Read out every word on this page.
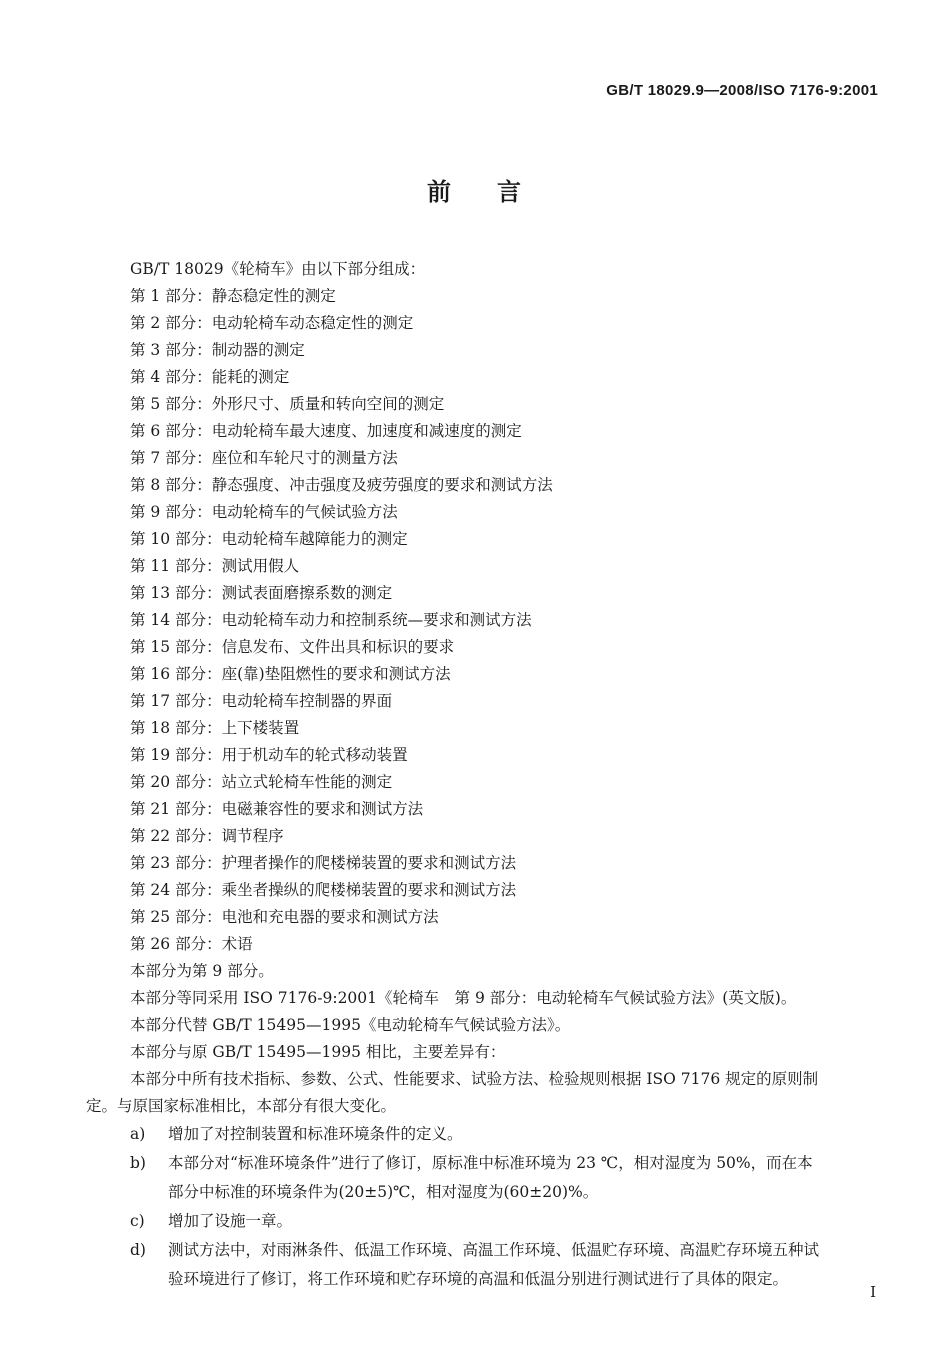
GB/T 18029.9—2008/ISO 7176-9:2001
前 言
GB/T 18029《轮椅车》由以下部分组成：
第 1 部分：静态稳定性的测定
第 2 部分：电动轮椅车动态稳定性的测定
第 3 部分：制动器的测定
第 4 部分：能耗的测定
第 5 部分：外形尺寸、质量和转向空间的测定
第 6 部分：电动轮椅车最大速度、加速度和减速度的测定
第 7 部分：座位和车轮尺寸的测量方法
第 8 部分：静态强度、冲击强度及疲劳强度的要求和测试方法
第 9 部分：电动轮椅车的气候试验方法
第 10 部分：电动轮椅车越障能力的测定
第 11 部分：测试用假人
第 13 部分：测试表面磨擦系数的测定
第 14 部分：电动轮椅车动力和控制系统—要求和测试方法
第 15 部分：信息发布、文件出具和标识的要求
第 16 部分：座(靠)垫阻燃性的要求和测试方法
第 17 部分：电动轮椅车控制器的界面
第 18 部分：上下楼装置
第 19 部分：用于机动车的轮式移动装置
第 20 部分：站立式轮椅车性能的测定
第 21 部分：电磁兼容性的要求和测试方法
第 22 部分：调节程序
第 23 部分：护理者操作的爬楼梯装置的要求和测试方法
第 24 部分：乘坐者操纵的爬楼梯装置的要求和测试方法
第 25 部分：电池和充电器的要求和测试方法
第 26 部分：术语
本部分为第 9 部分。
本部分等同采用 ISO 7176-9:2001《轮椅车　第 9 部分：电动轮椅车气候试验方法》(英文版)。
本部分代替 GB/T 15495—1995《电动轮椅车气候试验方法》。
本部分与原 GB/T 15495—1995 相比，主要差异有：
本部分中所有技术指标、参数、公式、性能要求、试验方法、检验规则根据 ISO 7176 规定的原则制
定。与原国家标准相比，本部分有很大变化。
a) 增加了对控制装置和标准环境条件的定义。
b) 本部分对“标准环境条件”进行了修订，原标准中标准环境为 23 ℃，相对湿度为 50%，而在本
部分中标准的环境条件为(20±5)℃，相对湿度为(60±20)%。
c) 增加了设施一章。
d) 测试方法中，对雨淋条件、低温工作环境、高温工作环境、低温贮存环境、高温贮存环境五种试
验环境进行了修订，将工作环境和贮存环境的高温和低温分别进行测试进行了具体的限定。
I
